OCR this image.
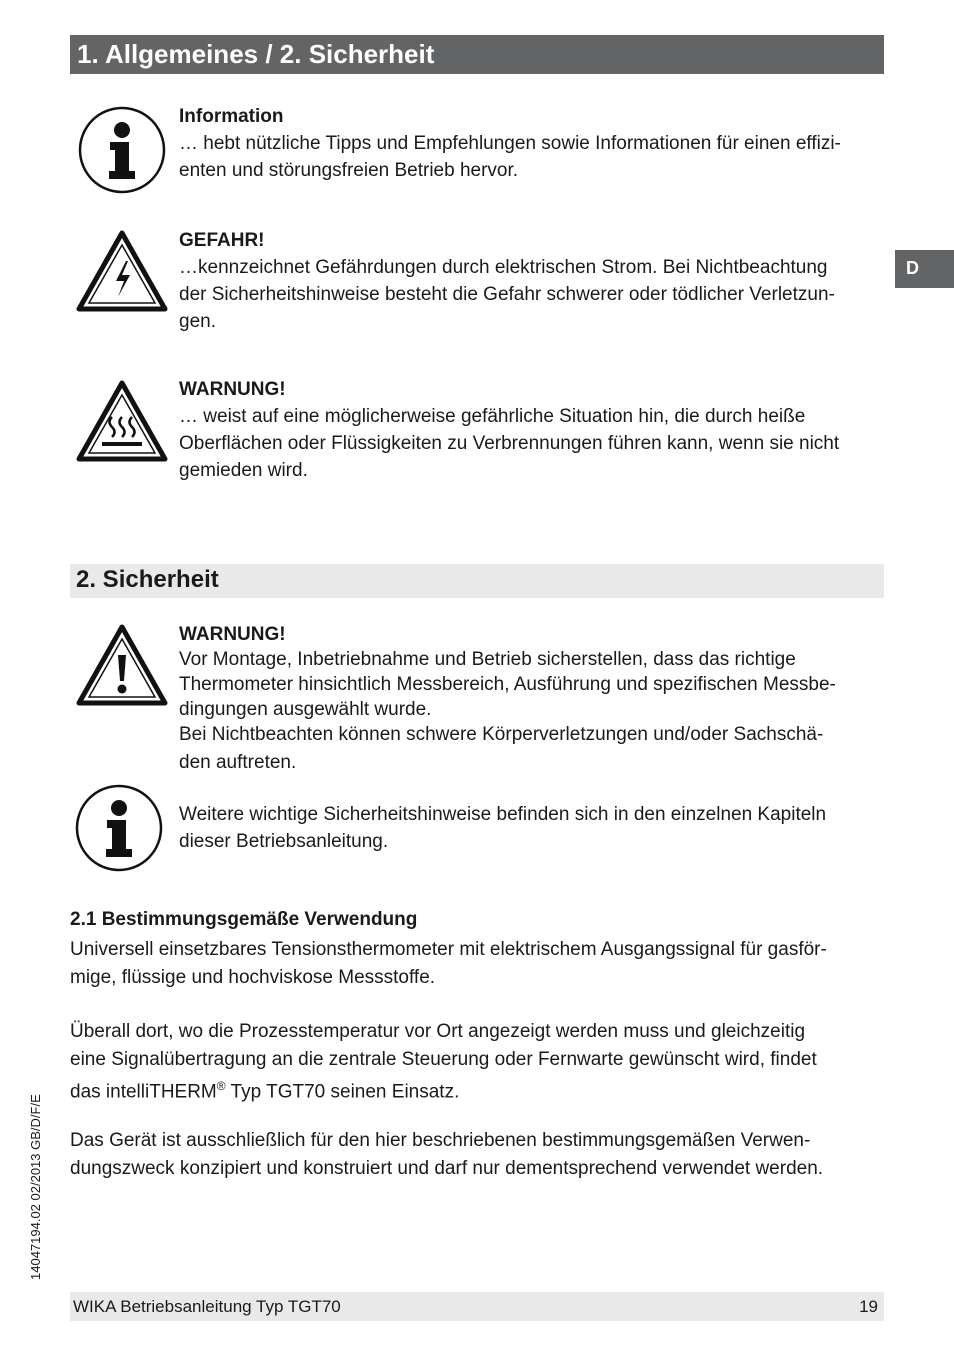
1. Allgemeines / 2. Sicherheit
D
Information
… hebt nützliche Tipps und Empfehlungen sowie Informationen für einen effizi-
enten und störungsfreien Betrieb hervor.
GEFAHR!
…kennzeichnet Gefährdungen durch elektrischen Strom. Bei Nichtbeachtung
der Sicherheitshinweise besteht die Gefahr schwerer oder tödlicher Verletzun-
gen.
WARNUNG!
… weist auf eine möglicherweise gefährliche Situation hin, die durch heiße
Oberflächen oder Flüssigkeiten zu Verbrennungen führen kann, wenn sie nicht
gemieden wird.
2. Sicherheit
WARNUNG!
Vor Montage, Inbetriebnahme und Betrieb sicherstellen, dass das richtige
Thermometer hinsichtlich Messbereich, Ausführung und spezifischen Messbe-
dingungen ausgewählt wurde.
Bei Nichtbeachten können schwere Körperverletzungen und/oder Sachschä-
den auftreten.
Weitere wichtige Sicherheitshinweise befinden sich in den einzelnen Kapiteln
dieser Betriebsanleitung.
2.1 Bestimmungsgemäße Verwendung
Universell einsetzbares Tensionsthermometer mit elektrischem Ausgangssignal für gasför-
mige, flüssige und hochviskose Messstoffe.
Überall dort, wo die Prozesstemperatur vor Ort angezeigt werden muss und gleichzeitig
eine Signalübertragung an die zentrale Steuerung oder Fernwarte gewünscht wird, findet
das intelliTHERM® Typ TGT70 seinen Einsatz.
Das Gerät ist ausschließlich für den hier beschriebenen bestimmungsgemäßen Verwen-
dungszweck konzipiert und konstruiert und darf nur dementsprechend verwendet werden.
14047194.02 02/2013 GB/D/F/E
WIKA Betriebsanleitung Typ TGT70	19
